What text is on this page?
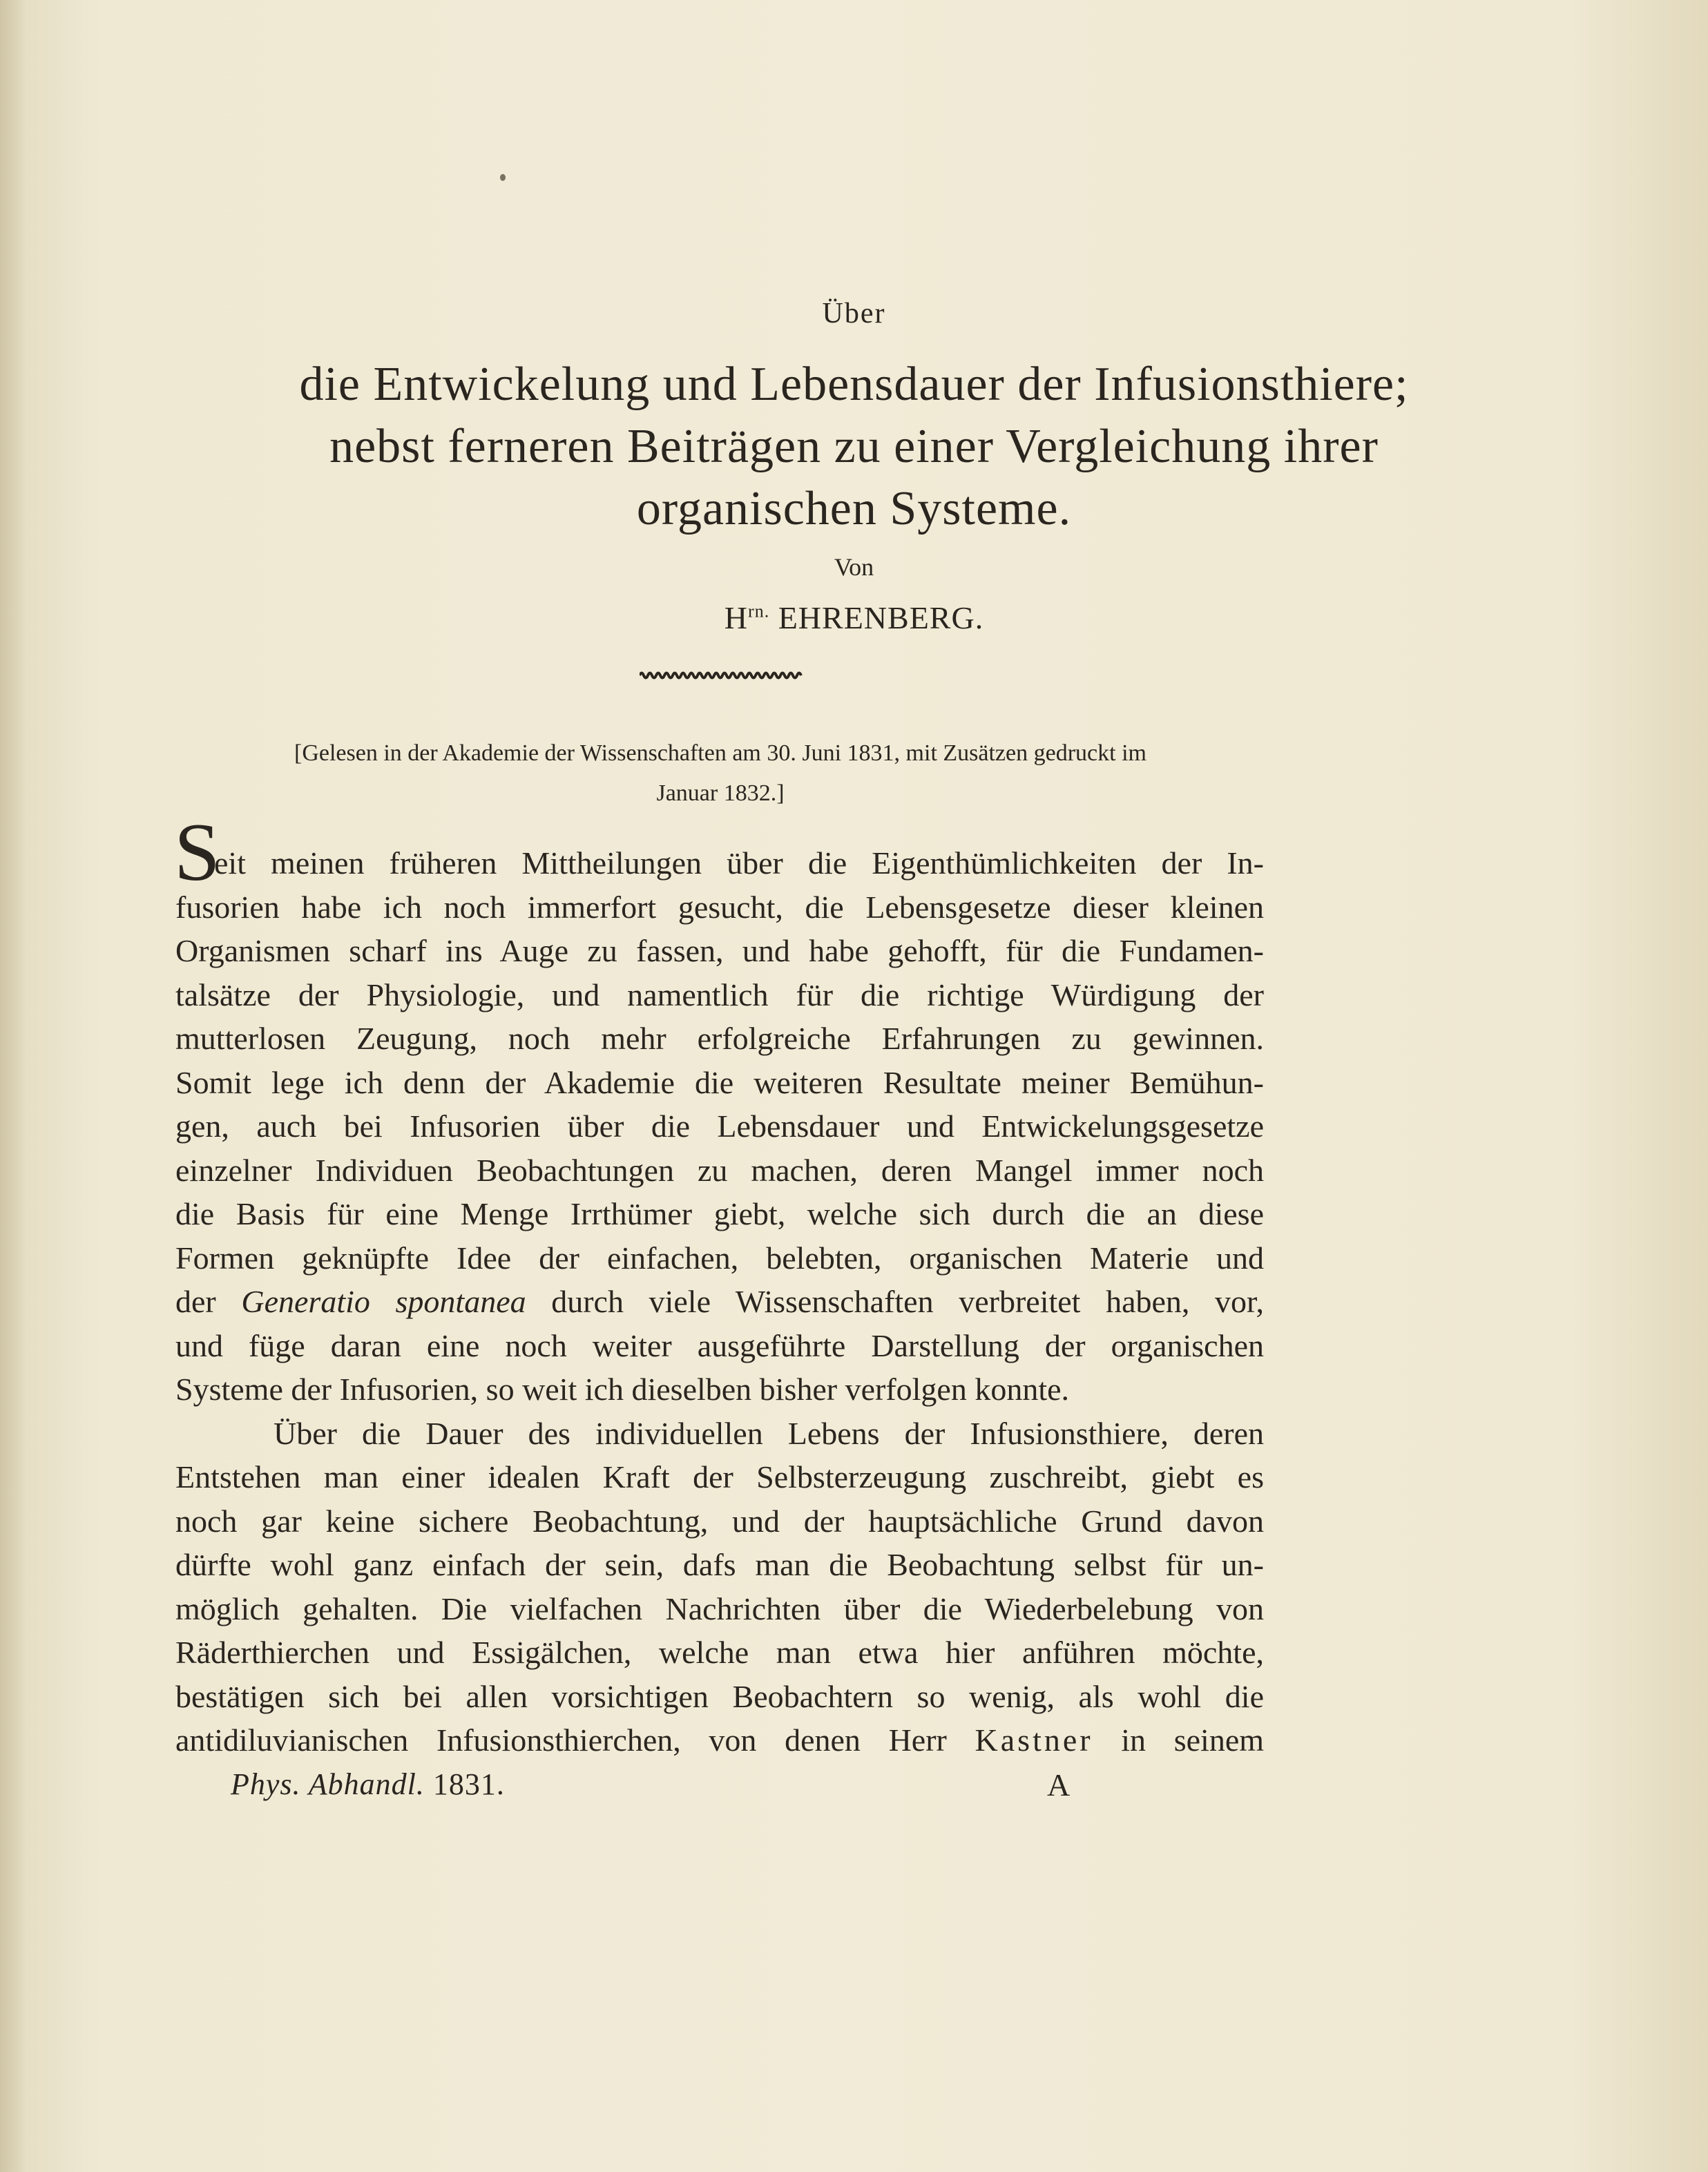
Über
die Entwickelung und Lebensdauer der Infusionsthiere;
nebst ferneren Beiträgen zu einer Vergleichung ihrer
organischen Systeme.
Von
$H^{rn.}$ EHRENBERG.
[Gelesen in der Akademie der Wissenschaften am 30. Juni 1831, mit Zusätzen gedruckt im
Januar 1832.]
S
eit meinen früheren Mittheilungen über die Eigenthümlichkeiten der In-
fusorien habe ich noch immerfort gesucht, die Lebensgesetze dieser kleinen
Organismen scharf ins Auge zu fassen, und habe gehofft, für die Fundamen-
talsätze der Physiologie, und namentlich für die richtige Würdigung der
mutterlosen Zeugung, noch mehr erfolgreiche Erfahrungen zu gewinnen.
Somit lege ich denn der Akademie die weiteren Resultate meiner Bemühun-
gen, auch bei Infusorien über die Lebensdauer und Entwickelungsgesetze
einzelner Individuen Beobachtungen zu machen, deren Mangel immer noch
die Basis für eine Menge Irrthümer giebt, welche sich durch die an diese
Formen geknüpfte Idee der einfachen, belebten, organischen Materie und
der Generatio spontanea durch viele Wissenschaften verbreitet haben, vor,
und füge daran eine noch weiter ausgeführte Darstellung der organischen
Systeme der Infusorien, so weit ich dieselben bisher verfolgen konnte.
Über die Dauer des individuellen Lebens der Infusionsthiere, deren
Entstehen man einer idealen Kraft der Selbsterzeugung zuschreibt, giebt es
noch gar keine sichere Beobachtung, und der hauptsächliche Grund davon
dürfte wohl ganz einfach der sein, dafs man die Beobachtung selbst für un-
möglich gehalten. Die vielfachen Nachrichten über die Wiederbelebung von
Räderthierchen und Essigälchen, welche man etwa hier anführen möchte,
bestätigen sich bei allen vorsichtigen Beobachtern so wenig, als wohl die
antidiluvianischen Infusionsthierchen, von denen Herr Kastner in seinem
Phys. Abhandl. 1831.	A
